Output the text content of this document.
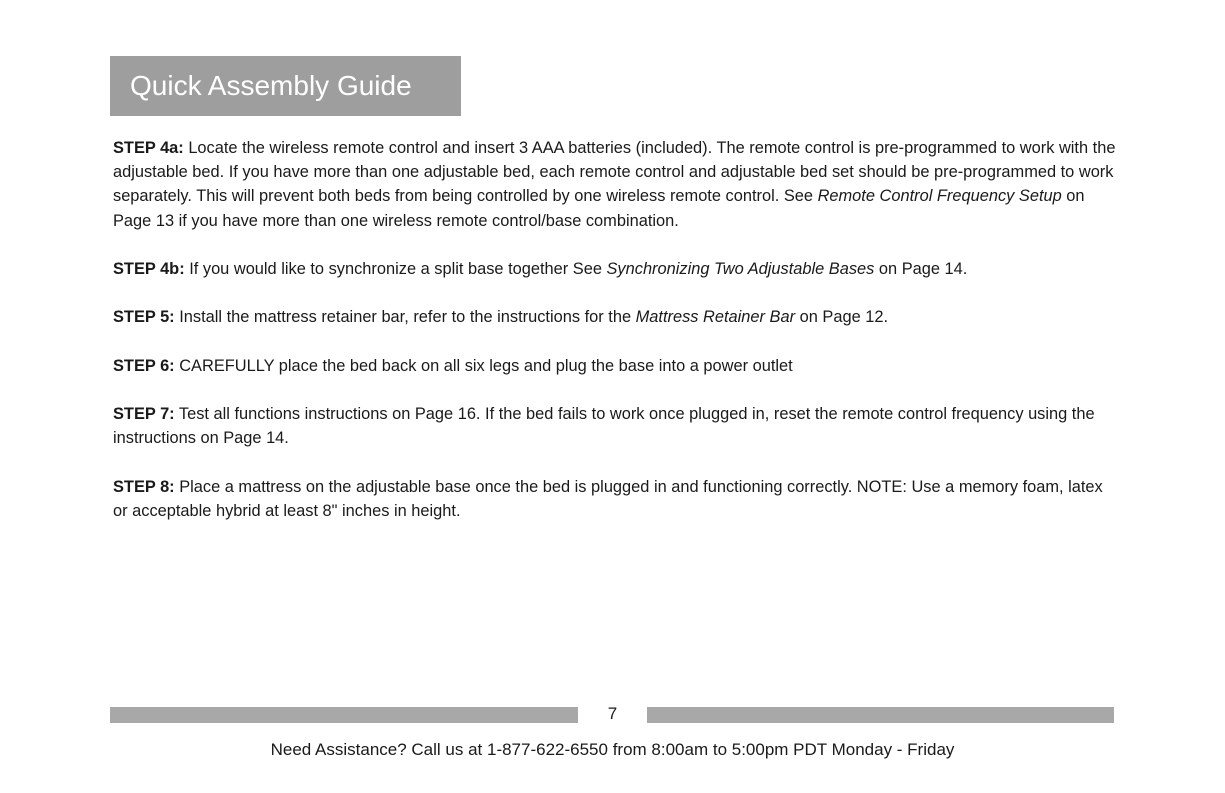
Quick Assembly Guide

STEP 4a: Locate the wireless remote control and insert 3 AAA batteries (included). The remote control is pre-programmed to work with the adjustable bed. If you have more than one adjustable bed, each remote control and adjustable bed set should be pre-programmed to work separately. This will prevent both beds from being controlled by one wireless remote control. See Remote Control Frequency Setup on Page 13 if you have more than one wireless remote control/base combination.

STEP 4b: If you would like to synchronize a split base together See Synchronizing Two Adjustable Bases on Page 14.

STEP 5: Install the mattress retainer bar, refer to the instructions for the Mattress Retainer Bar on Page 12.

STEP 6: CAREFULLY place the bed back on all six legs and plug the base into a power outlet

STEP 7: Test all functions instructions on Page 16. If the bed fails to work once plugged in, reset the remote control frequency using the instructions on Page 14.

STEP 8: Place a mattress on the adjustable base once the bed is plugged in and functioning correctly. NOTE: Use a memory foam, latex or acceptable hybrid at least 8" inches in height.

7
Need Assistance? Call us at 1-877-622-6550 from 8:00am to 5:00pm PDT Monday - Friday
